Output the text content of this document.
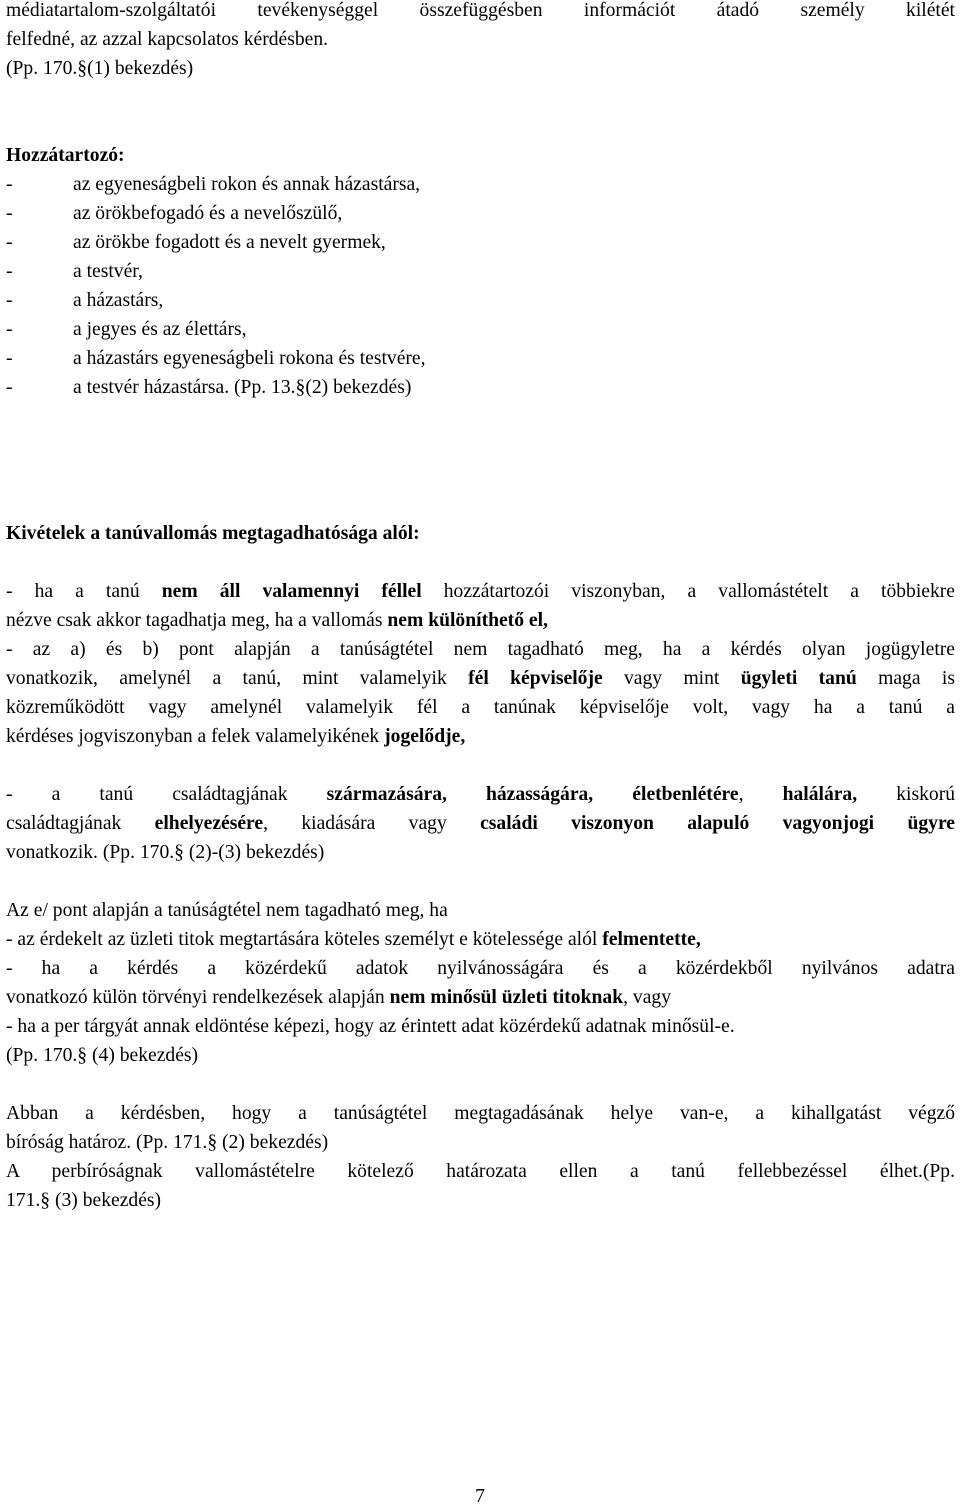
médiatartalom-szolgáltatói tevékenységgel összefüggésben információt átadó személy kilétét
felfedné, az azzal kapcsolatos kérdésben.
(Pp. 170.§(1) bekezdés)
Hozzátartozó:
-	az egyeneságbeli rokon és annak házastársa,
-	az örökbefogadó és a nevelőszülő,
-	az örökbe fogadott és a nevelt gyermek,
-	a testvér,
-	a házastárs,
-	a jegyes és az élettárs,
-	a házastárs egyeneságbeli rokona és testvére,
-	a testvér házastársa. (Pp. 13.§(2) bekezdés)
Kivételek a tanúvallomás megtagadhatósága alól:
- ha a tanú nem áll valamennyi féllel hozzátartozói viszonyban, a vallomástételt a többiekre
nézve csak akkor tagadhatja meg, ha a vallomás nem különíthető el,
- az a) és b) pont alapján a tanúságtétel nem tagadható meg, ha a kérdés olyan jogügyletre
vonatkozik, amelynél a tanú, mint valamelyik fél képviselője vagy mint ügyleti tanú maga is
közreműködött vagy amelynél valamelyik fél a tanúnak képviselője volt, vagy ha a tanú a
kérdéses jogviszonyban a felek valamelyikének jogelődje,
- a tanú családtagjának származására, házasságára, életbenlétére, halálára, kiskorú
családtagjának elhelyezésére, kiadására vagy családi viszonyon alapuló vagyonjogi ügyre
vonatkozik. (Pp. 170.§ (2)-(3) bekezdés)
Az e/ pont alapján a tanúságtétel nem tagadható meg, ha
- az érdekelt az üzleti titok megtartására köteles személyt e kötelessége alól felmentette,
- ha a kérdés a közérdekű adatok nyilvánosságára és a közérdekből nyilvános adatra
vonatkozó külön törvényi rendelkezések alapján nem minősül üzleti titoknak, vagy
- ha a per tárgyát annak eldöntése képezi, hogy az érintett adat közérdekű adatnak minősül-e.
(Pp. 170.§ (4) bekezdés)
Abban a kérdésben, hogy a tanúságtétel megtagadásának helye van-e, a kihallgatást végző
bíróság határoz. (Pp. 171.§ (2) bekezdés)
A perbíróságnak vallomástételre kötelező határozata ellen a tanú fellebbezéssel élhet.(Pp.
171.§ (3) bekezdés)
7
